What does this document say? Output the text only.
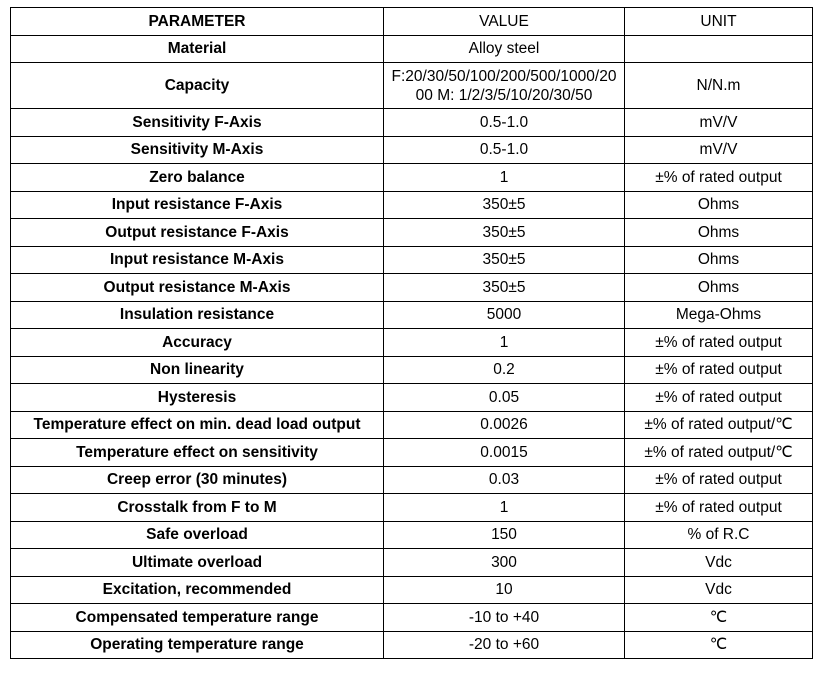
PARAMETER	VALUE	UNIT
Material	Alloy steel	
Capacity	F:20/30/50/100/200/500/1000/2000 M: 1/2/3/5/10/20/30/50	N/N.m
Sensitivity F-Axis	0.5-1.0	mV/V
Sensitivity M-Axis	0.5-1.0	mV/V
Zero balance	1	±% of rated output
Input resistance F-Axis	350±5	Ohms
Output resistance F-Axis	350±5	Ohms
Input resistance M-Axis	350±5	Ohms
Output resistance M-Axis	350±5	Ohms
Insulation resistance	5000	Mega-Ohms
Accuracy	1	±% of rated output
Non linearity	0.2	±% of rated output
Hysteresis	0.05	±% of rated output
Temperature effect on min. dead load output	0.0026	±% of rated output/℃
Temperature effect on sensitivity	0.0015	±% of rated output/℃
Creep error (30 minutes)	0.03	±% of rated output
Crosstalk from F to M	1	±% of rated output
Safe overload	150	% of R.C
Ultimate overload	300	Vdc
Excitation, recommended	10	Vdc
Compensated temperature range	-10 to +40	℃
Operating temperature range	-20 to +60	℃
